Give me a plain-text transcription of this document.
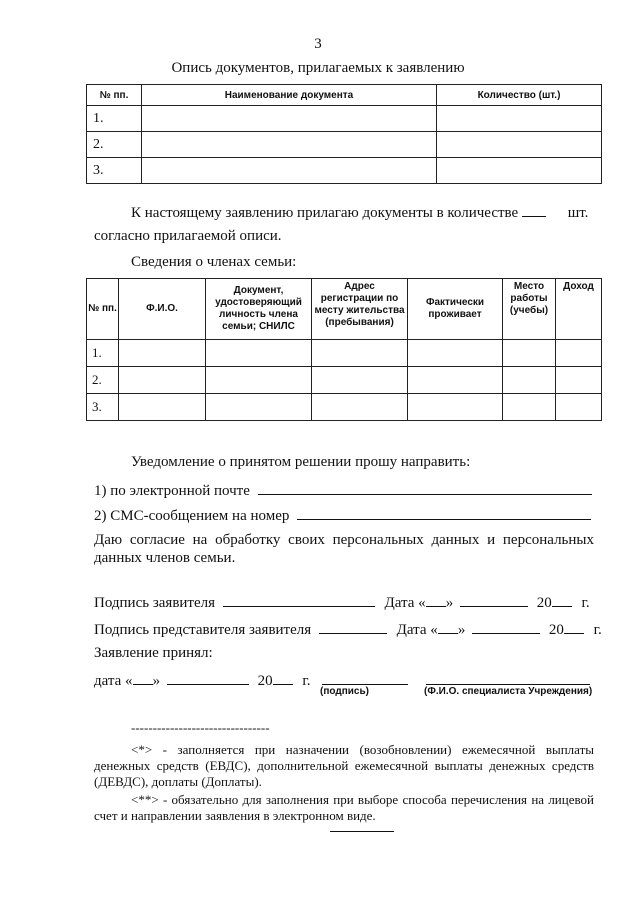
3
Опись документов, прилагаемых к заявлению
№ пп.	Наименование документа	Количество (шт.)
1.		
2.		
3.		
К настоящему заявлению прилагаю документы в количестве	шт.
согласно прилагаемой описи.
Сведения о членах семьи:
№ пп.	Ф.И.О.	Документ, удостоверяющий личность члена семьи; СНИЛС	Адрес регистрации по месту жительства (пребывания)	Фактически проживает	Место работы (учебы)	Доход
1.						
2.						
3.						
Уведомление о принятом решении прошу направить:
1) по электронной почте
2) СМС-сообщением на номер
Даю согласие на обработку своих персональных данных и персональных данных членов семьи.
Подпись заявителя	Дата « »	20 г.
Подпись представителя заявителя	Дата « »	20 г.
Заявление принял:
дата « »	20 г.
(подпись)	(Ф.И.О. специалиста Учреждения)
--------------------------------
<*> - заполняется при назначении (возобновлении) ежемесячной выплаты денежных средств (ЕВДС), дополнительной ежемесячной выплаты денежных средств (ДЕВДС), доплаты (Доплаты).
<**> - обязательно для заполнения при выборе способа перечисления на лицевой счет и направлении заявления в электронном виде.
